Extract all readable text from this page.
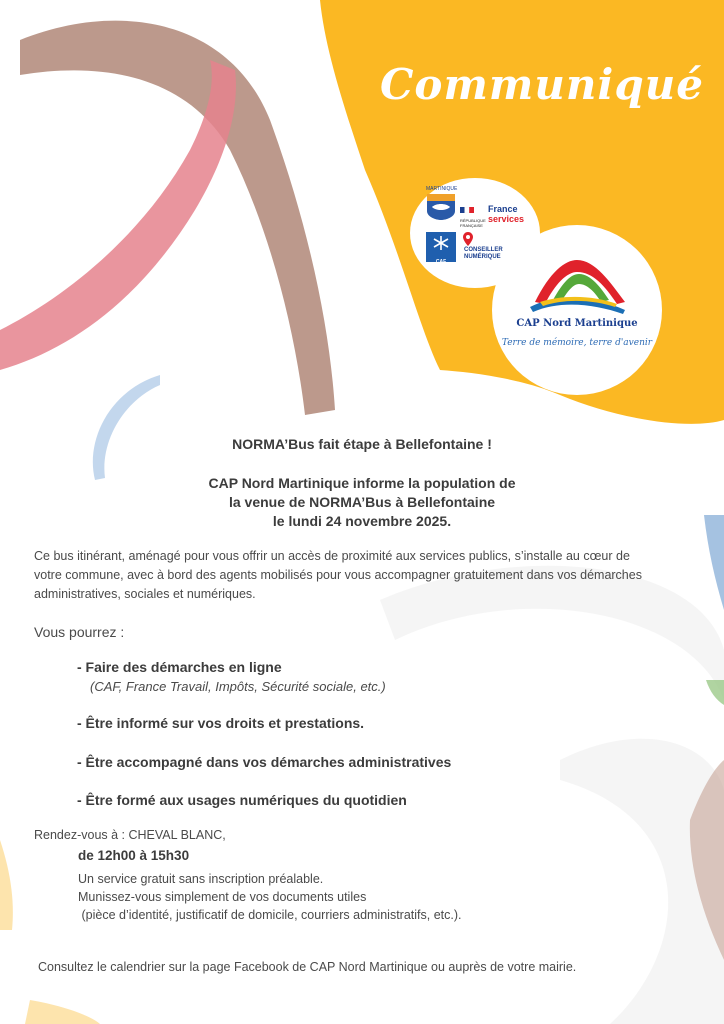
Communiqué
MARTINIQUE
RÉPUBLIQUE FRANÇAISE
France
services
CAF
CONSEILLER NUMÉRIQUE
CAP Nord Martinique
Terre de mémoire, terre d'avenir
NORMA’Bus fait étape à Bellefontaine !
CAP Nord Martinique informe la population de
la venue de NORMA’Bus à Bellefontaine
le lundi 24 novembre 2025.
Ce bus itinérant, aménagé pour vous offrir un accès de proximité aux services publics, s’installe au cœur de
votre commune, avec à bord des agents mobilisés pour vous accompagner gratuitement dans vos démarches
administratives, sociales et numériques.
Vous pourrez :
- Faire des démarches en ligne
(CAF, France Travail, Impôts, Sécurité sociale, etc.)
- Être informé sur vos droits et prestations.
- Être accompagné dans vos démarches administratives
- Être formé aux usages numériques du quotidien
Rendez-vous à : CHEVAL BLANC,
de 12h00 à 15h30
Un service gratuit sans inscription préalable.
Munissez-vous simplement de vos documents utiles
(pièce d’identité, justificatif de domicile, courriers administratifs, etc.).
Consultez le calendrier sur la page Facebook de CAP Nord Martinique ou auprès de votre mairie.
